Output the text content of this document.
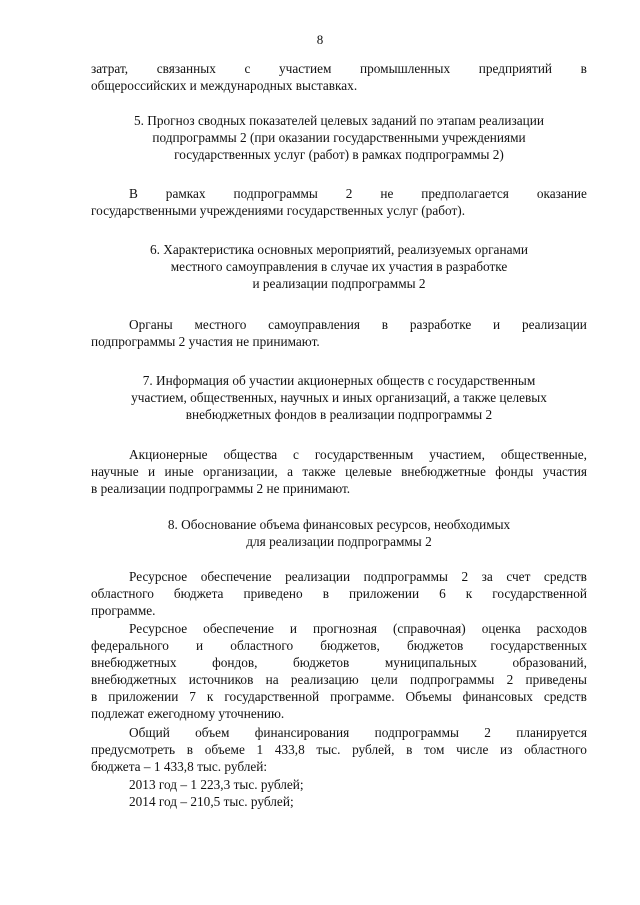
8
затрат, связанных с участием промышленных предприятий в
общероссийских и международных выставках.
5. Прогноз сводных показателей целевых заданий по этапам реализации
подпрограммы 2 (при оказании государственными учреждениями
государственных услуг (работ) в рамках подпрограммы 2)
В рамках подпрограммы 2 не предполагается оказание
государственными учреждениями государственных услуг (работ).
6. Характеристика основных мероприятий, реализуемых органами
местного самоуправления в случае их участия в разработке
и реализации подпрограммы 2
Органы местного самоуправления в разработке и реализации
подпрограммы 2 участия не принимают.
7. Информация об участии акционерных обществ с государственным
участием, общественных, научных и иных организаций, а также целевых
внебюджетных фондов в реализации подпрограммы 2
Акционерные общества с государственным участием, общественные,
научные и иные организации, а также целевые внебюджетные фонды участия
в реализации подпрограммы 2 не принимают.
8. Обоснование объема финансовых ресурсов, необходимых
для реализации подпрограммы 2
Ресурсное обеспечение реализации подпрограммы 2 за счет средств
областного бюджета приведено в приложении 6 к государственной
программе.
Ресурсное обеспечение и прогнозная (справочная) оценка расходов
федерального и областного бюджетов, бюджетов государственных
внебюджетных	фондов,	бюджетов	муниципальных	образований,
внебюджетных источников на реализацию цели подпрограммы 2 приведены
в приложении 7 к государственной программе. Объемы финансовых средств
подлежат ежегодному уточнению.
Общий объем финансирования подпрограммы 2 планируется
предусмотреть в объеме 1 433,8 тыс. рублей, в том числе из областного
бюджета – 1 433,8 тыс. рублей:
2013 год – 1 223,3 тыс. рублей;
2014 год – 210,5 тыс. рублей;
